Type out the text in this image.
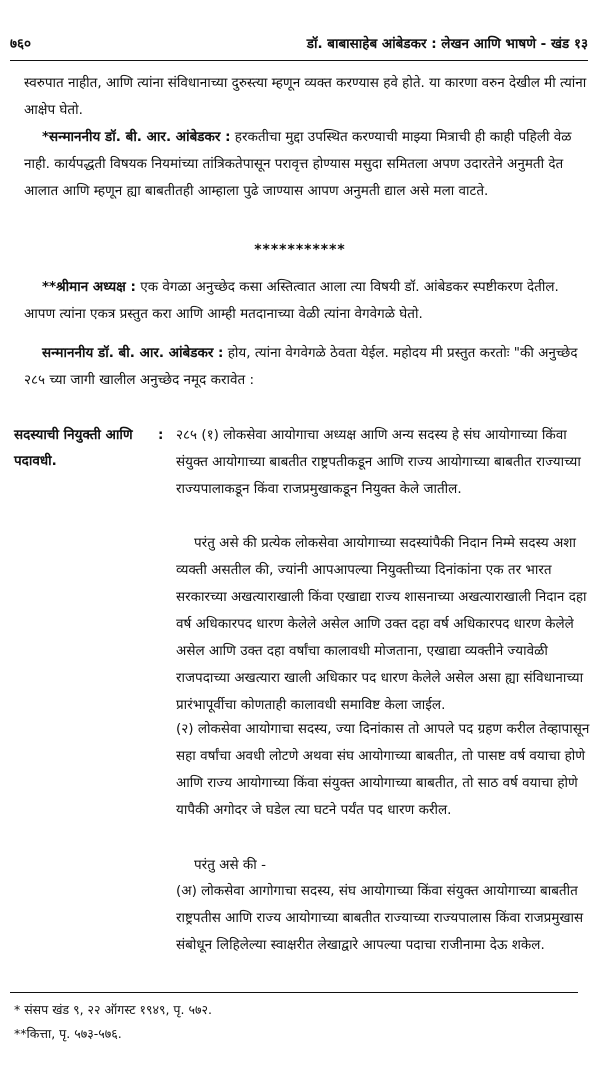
७६०	डॉ. बाबासाहेब आंबेडकर : लेखन आणि भाषणे - खंड १३
स्वरुपात नाहीत, आणि त्यांना संविधानाच्या दुरुस्त्या म्हणून व्यक्त करण्यास हवे होते. या कारणा वरुन देखील मी त्यांना आक्षेप घेतो.
*सन्माननीय डॉ. बी. आर. आंबेडकर : हरकतीचा मुद्दा उपस्थित करण्याची माझ्या मित्राची ही काही पहिली वेळ नाही. कार्यपद्धती विषयक नियमांच्या तांत्रिकतेपासून परावृत्त होण्यास मसुदा समितला अपण उदारतेने अनुमती देत आलात आणि म्हणून ह्या बाबतीतही आम्हाला पुढे जाण्यास आपण अनुमती द्याल असे मला वाटते.
***********
**श्रीमान अध्यक्ष : एक वेगळा अनुच्छेद कसा अस्तित्वात आला त्या विषयी डॉ. आंबेडकर स्पष्टीकरण देतील. आपण त्यांना एकत्र प्रस्तुत करा आणि आम्ही मतदानाच्या वेळी त्यांना वेगवेगळे घेतो.
सन्माननीय डॉ. बी. आर. आंबेडकर : होय, त्यांना वेगवेगळे ठेवता येईल. महोदय मी प्रस्तुत करतोः "की अनुच्छेद २८५ च्या जागी खालील अनुच्छेद नमूद करावेत :
सदस्याची नियुक्ती आणि पदावधी.
: २८५ (१) लोकसेवा आयोगाचा अध्यक्ष आणि अन्य सदस्य हे संघ आयोगाच्या किंवा संयुक्त आयोगाच्या बाबतीत राष्ट्रपतीकडून आणि राज्य आयोगाच्या बाबतीत राज्याच्या राज्यपालाकडून किंवा राजप्रमुखाकडून नियुक्त केले जातील.
परंतु असे की प्रत्येक लोकसेवा आयोगाच्या सदस्यांपैकी निदान निम्मे सदस्य अशा व्यक्ती असतील की, ज्यांनी आपआपल्या नियुक्तीच्या दिनांकांना एक तर भारत सरकारच्या अखत्याराखाली किंवा एखाद्या राज्य शासनाच्या अखत्याराखाली निदान दहा वर्ष अधिकारपद धारण केलेले असेल आणि उक्त दहा वर्ष अधिकारपद धारण केलेले असेल आणि उक्त दहा वर्षांचा कालावधी मोजताना, एखाद्या व्यक्तीने ज्यावेळी राजपदाच्या अखत्यारा खाली अधिकार पद धारण केलेले असेल असा ह्या संविधानाच्या प्रारंभापूर्वीचा कोणताही कालावधी समाविष्ट केला जाईल.
(२) लोकसेवा आयोगाचा सदस्य, ज्या दिनांकास तो आपले पद ग्रहण करील तेव्हापासून सहा वर्षांचा अवधी लोटणे अथवा संघ आयोगाच्या बाबतीत, तो पासष्ट वर्ष वयाचा होणे आणि राज्य आयोगाच्या किंवा संयुक्त आयोगाच्या बाबतीत, तो साठ वर्ष वयाचा होणे यापैकी अगोदर जे घडेल त्या घटने पर्यंत पद धारण करील.
परंतु असे की -
(अ) लोकसेवा आगोगाचा सदस्य, संघ आयोगाच्या किंवा संयुक्त आयोगाच्या बाबतीत राष्ट्रपतीस आणि राज्य आयोगाच्या बाबतीत राज्याच्या राज्यपालास किंवा राजप्रमुखास संबोधून लिहिलेल्या स्वाक्षरीत लेखाद्वारे आपल्या पदाचा राजीनामा देऊ शकेल.
* संसप खंड ९, २२ ऑगस्ट १९४९, पृ. ५७२.
**कित्ता, पृ. ५७३-५७६.
